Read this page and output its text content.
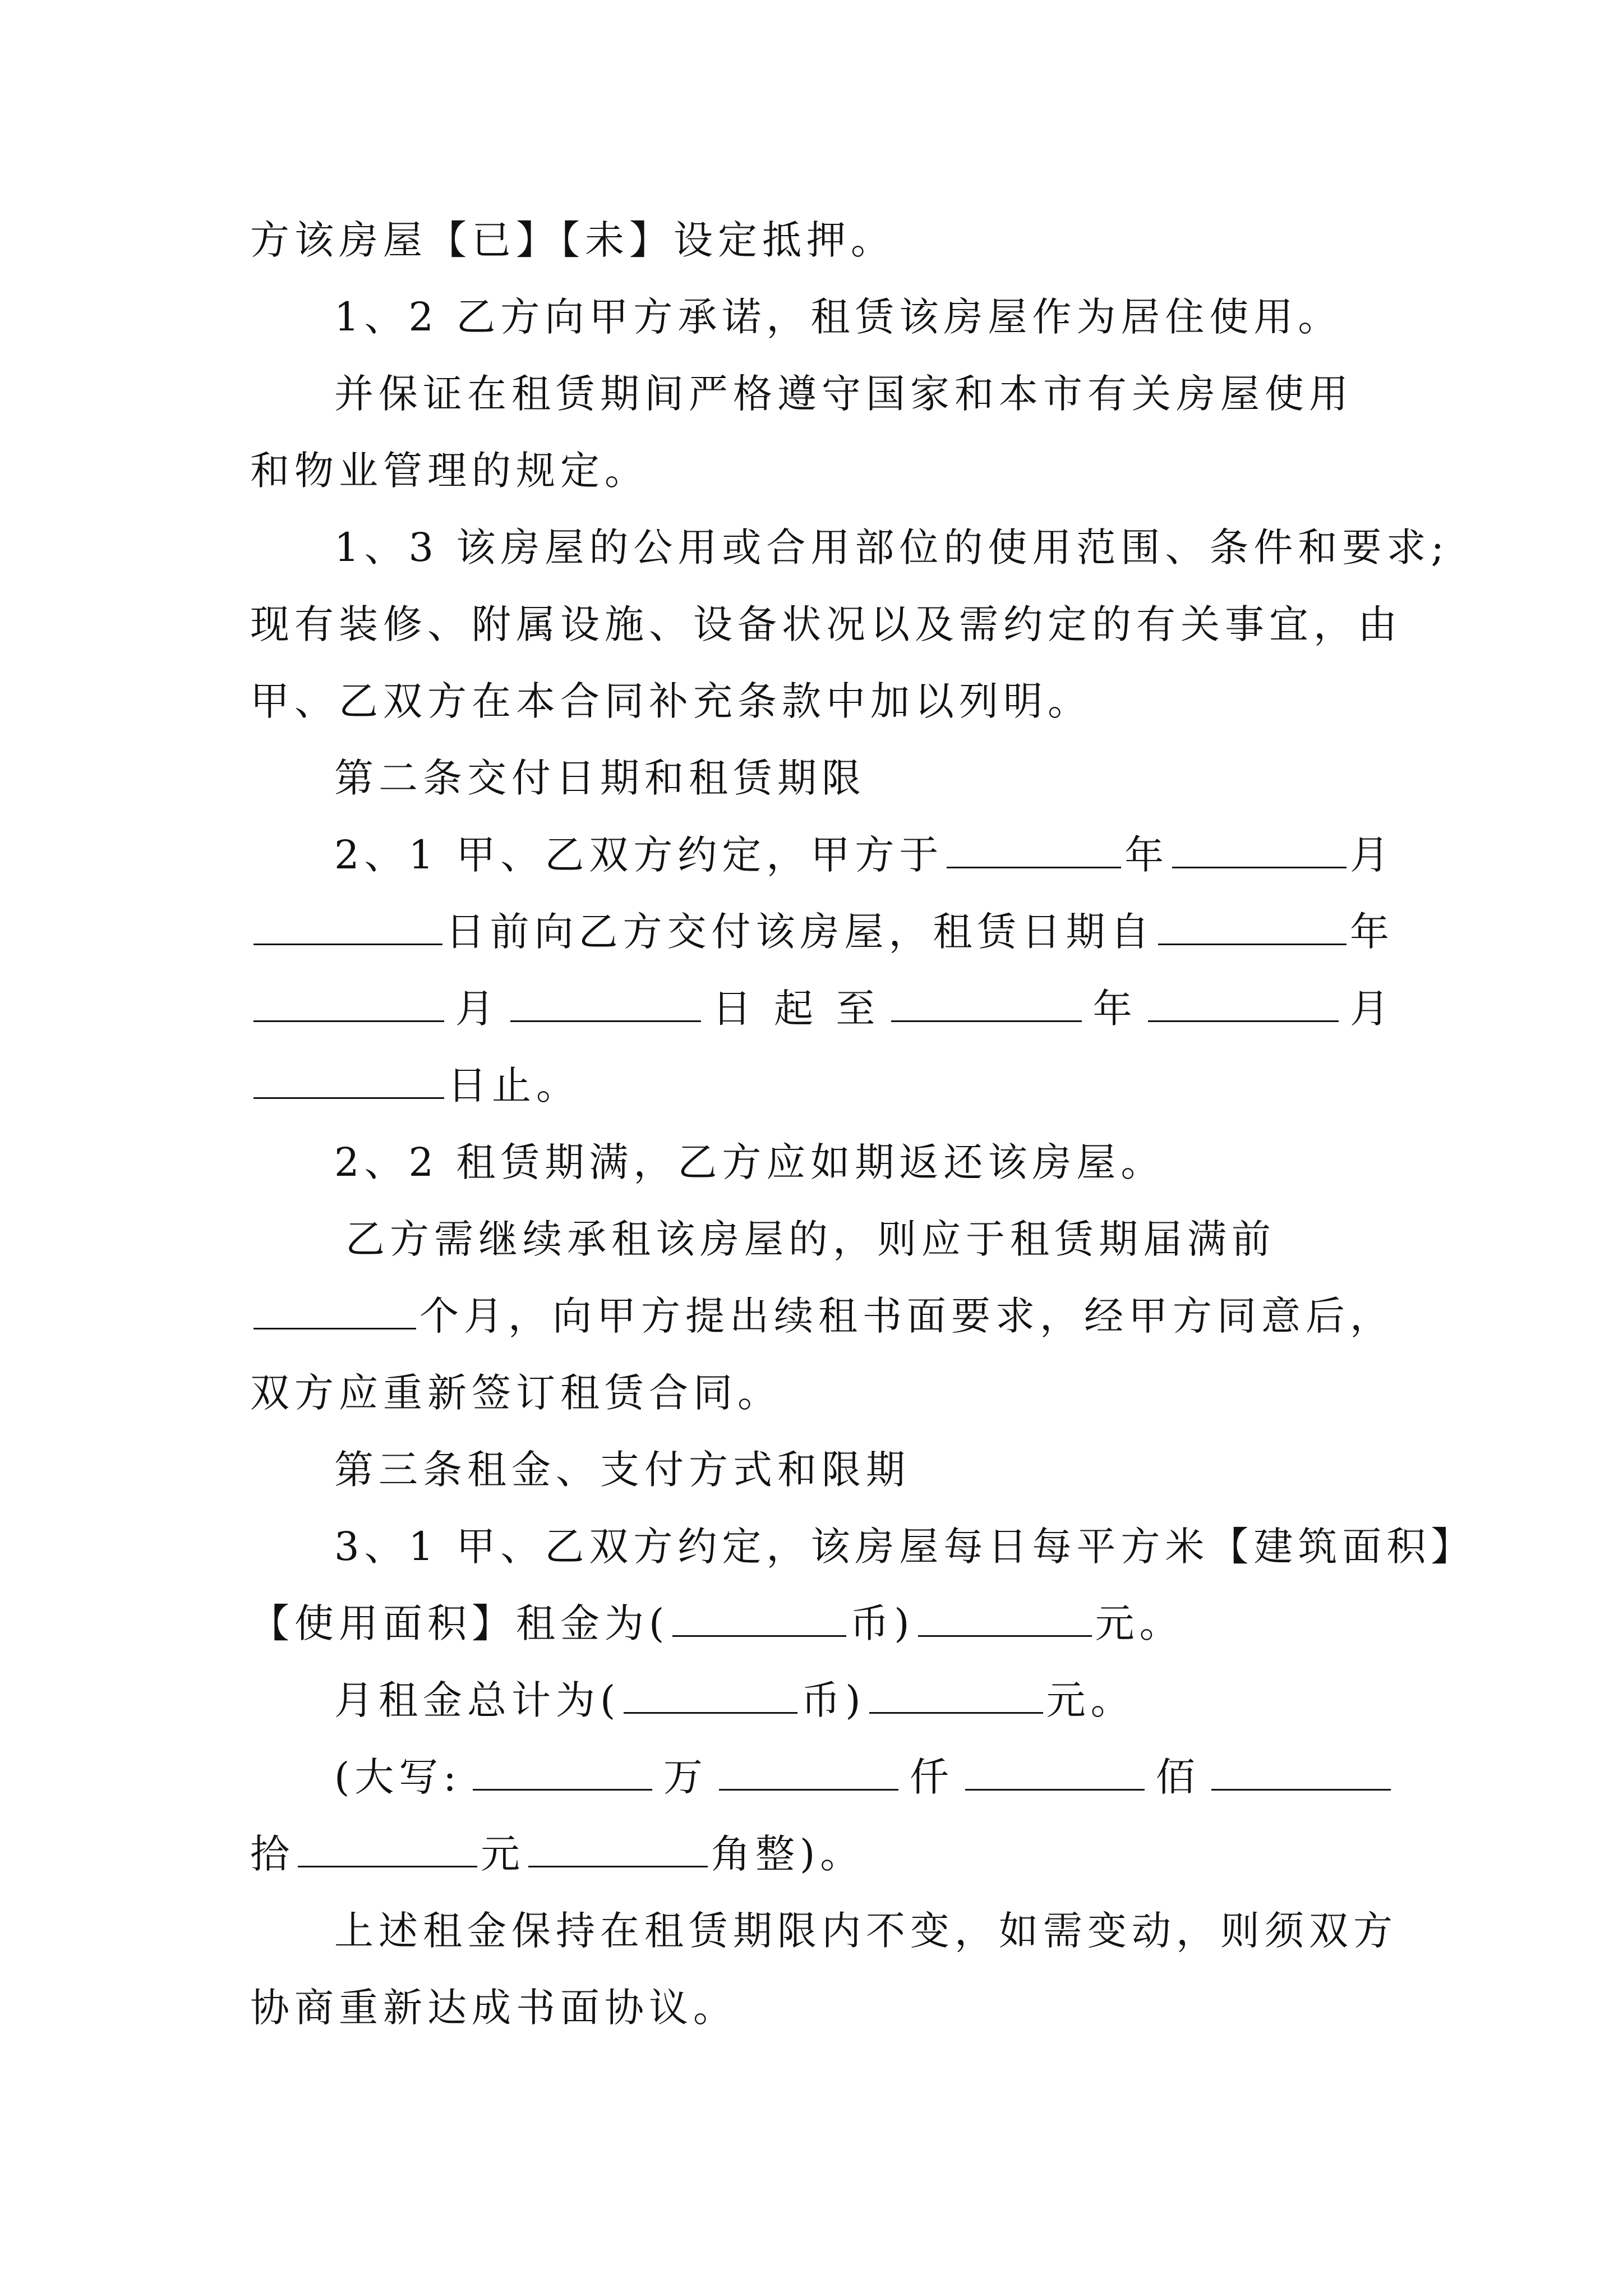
方该房屋【已】【未】设定抵押。
1、2 乙方向甲方承诺，租赁该房屋作为居住使用。
并保证在租赁期间严格遵守国家和本市有关房屋使用
和物业管理的规定。
1、3 该房屋的公用或合用部位的使用范围、条件和要求;
现有装修、附属设施、设备状况以及需约定的有关事宜，由
甲、乙双方在本合同补充条款中加以列明。
第二条交付日期和租赁期限
2、1 甲、乙双方约定，甲方于	年	月
日前向乙方交付该房屋，租赁日期自	年
月	日 起 至	年	月
日止。
2、2 租赁期满，乙方应如期返还该房屋。
乙方需继续承租该房屋的，则应于租赁期届满前
个月，向甲方提出续租书面要求，经甲方同意后，
双方应重新签订租赁合同。
第三条租金、支付方式和限期
3、1 甲、乙双方约定，该房屋每日每平方米【建筑面积】
【使用面积】租金为(	币)	元。
月租金总计为(	币)	元。
(大写:	万	仟	佰
拾	元	角整)。
上述租金保持在租赁期限内不变，如需变动，则须双方
协商重新达成书面协议。
